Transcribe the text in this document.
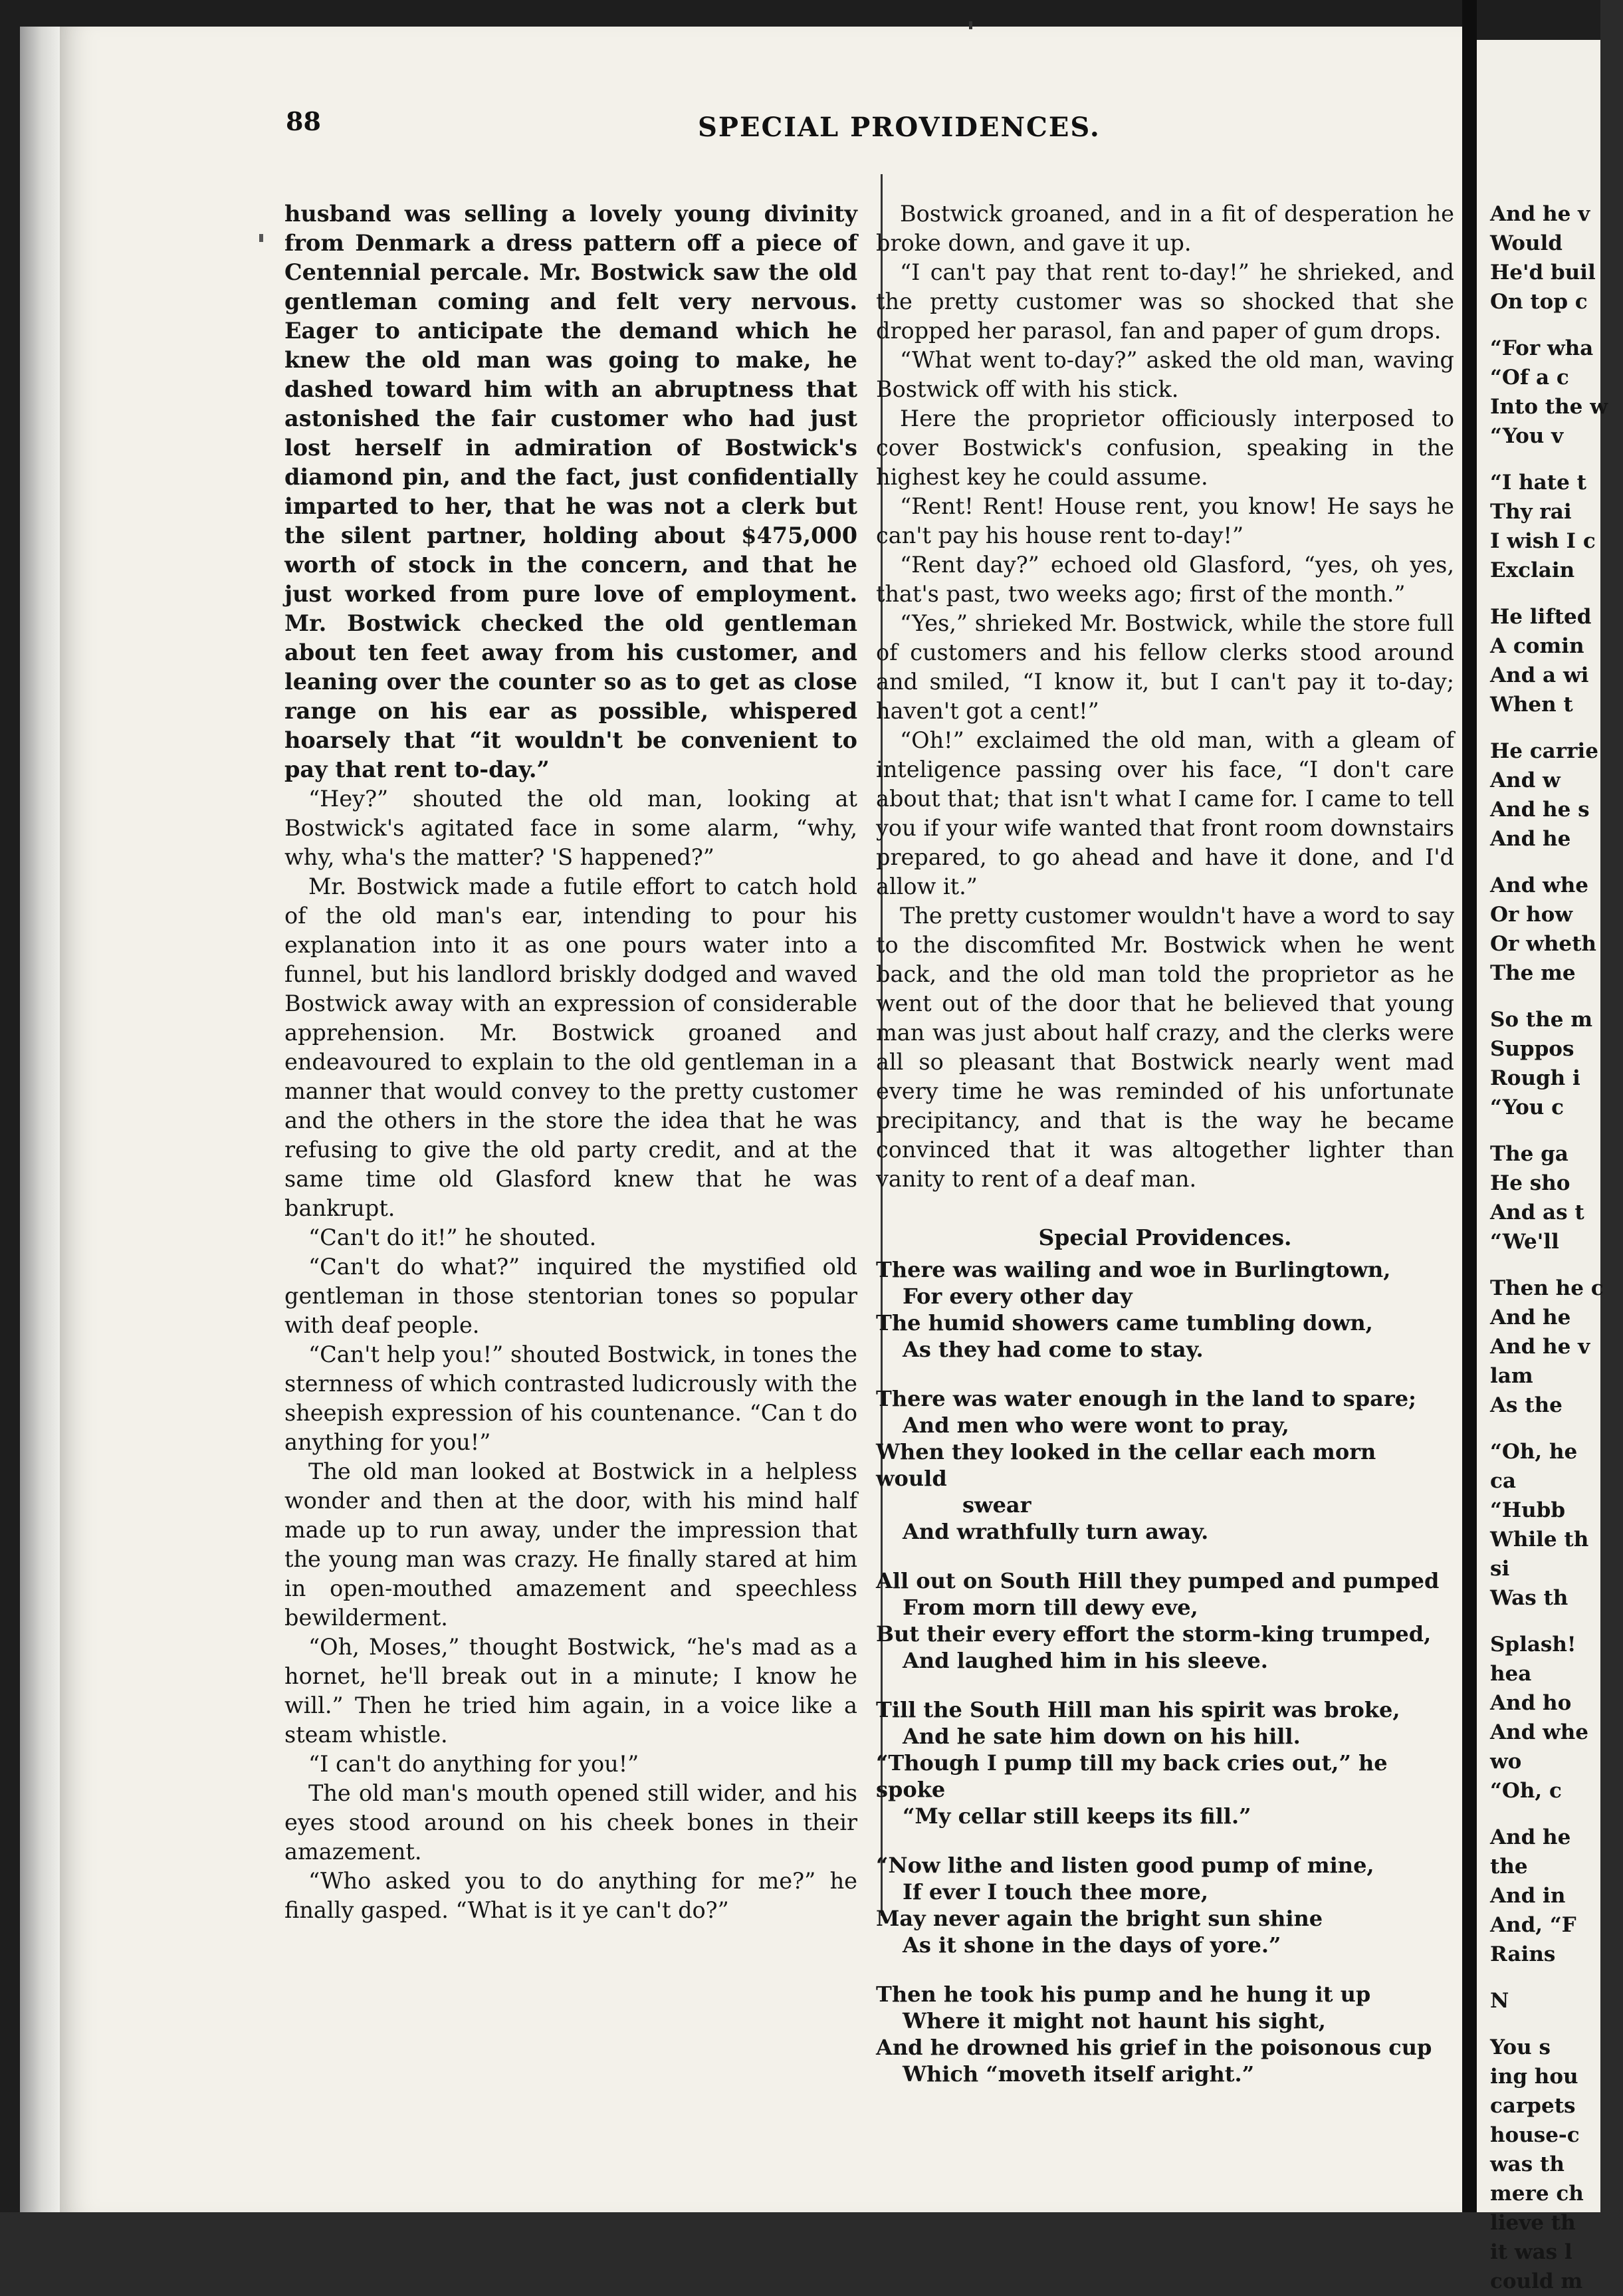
88	SPECIAL PROVIDENCES.

husband was selling a lovely young divinity from Denmark a dress pattern off a piece of Centennial percale. Mr. Bostwick saw the old gentleman coming and felt very nervous. Eager to anticipate the demand which he knew the old man was going to make, he dashed toward him with an abruptness that astonished the fair customer who had just lost herself in admiration of Bostwick's diamond pin, and the fact, just confidentially imparted to her, that he was not a clerk but the silent partner, holding about $475,000 worth of stock in the concern, and that he just worked from pure love of employment. Mr. Bostwick checked the old gentleman about ten feet away from his customer, and leaning over the counter so as to get as close range on his ear as possible, whispered hoarsely that “it wouldn't be convenient to pay that rent to-day.”

“Hey?” shouted the old man, looking at Bostwick's agitated face in some alarm, “why, why, wha's the matter? 'S happened?”

Mr. Bostwick made a futile effort to catch hold of the old man's ear, intending to pour his explanation into it as one pours water into a funnel, but his landlord briskly dodged and waved Bostwick away with an expression of considerable apprehension. Mr. Bostwick groaned and endeavoured to explain to the old gentleman in a manner that would convey to the pretty customer and the others in the store the idea that he was refusing to give the old party credit, and at the same time old Glasford knew that he was bankrupt.

“Can't do it!” he shouted.

“Can't do what?” inquired the mystified old gentleman in those stentorian tones so popular with deaf people.

“Can't help you!” shouted Bostwick, in tones the sternness of which contrasted ludicrously with the sheepish expression of his countenance. “Can t do anything for you!”

The old man looked at Bostwick in a helpless wonder and then at the door, with his mind half made up to run away, under the impression that the young man was crazy. He finally stared at him in open-mouthed amazement and speechless bewilderment.

“Oh, Moses,” thought Bostwick, “he's mad as a hornet, he'll break out in a minute; I know he will.” Then he tried him again, in a voice like a steam whistle.

“I can't do anything for you!”

The old man's mouth opened still wider, and his eyes stood around on his cheek bones in their amazement.

“Who asked you to do anything for me?” he finally gasped. “What is it ye can't do?”

Bostwick groaned, and in a fit of desperation he broke down, and gave it up.

“I can't pay that rent to-day!” he shrieked, and the pretty customer was so shocked that she dropped her parasol, fan and paper of gum drops.

“What went to-day?” asked the old man, waving Bostwick off with his stick.

Here the proprietor officiously interposed to cover Bostwick's confusion, speaking in the highest key he could assume.

“Rent! Rent! House rent, you know! He says he can't pay his house rent to-day!”

“Rent day?” echoed old Glasford, “yes, oh yes, that's past, two weeks ago; first of the month.”

“Yes,” shrieked Mr. Bostwick, while the store full of customers and his fellow clerks stood around and smiled, “I know it, but I can't pay it to-day; haven't got a cent!”

“Oh!” exclaimed the old man, with a gleam of inteligence passing over his face, “I don't care about that; that isn't what I came for. I came to tell you if your wife wanted that front room downstairs prepared, to go ahead and have it done, and I'd allow it.”

The pretty customer wouldn't have a word to say to the discomfited Mr. Bostwick when he went back, and the old man told the proprietor as he went out of the door that he believed that young man was just about half crazy, and the clerks were all so pleasant that Bostwick nearly went mad every time he was reminded of his unfortunate precipitancy, and that is the way he became convinced that it was altogether lighter than vanity to rent of a deaf man.

Special Providences.
There was wailing and woe in Burlingtown,
For every other day
The humid showers came tumbling down,
As they had come to stay.
There was water enough in the land to spare;
And men who were wont to pray,
When they looked in the cellar each morn would
swear
And wrathfully turn away.
All out on South Hill they pumped and pumped
From morn till dewy eve,
But their every effort the storm-king trumped,
And laughed him in his sleeve.
Till the South Hill man his spirit was broke,
And he sate him down on his hill.
“Though I pump till my back cries out,” he spoke
“My cellar still keeps its fill.”
“Now lithe and listen good pump of mine,
If ever I touch thee more,
May never again the bright sun shine
As it shone in the days of yore.”
Then he took his pump and he hung it up
Where it might not haunt his sight,
And he drowned his grief in the poisonous cup
Which “moveth itself aright.”
And he v
Would
He'd buil
On top c
“For wha
“Of a c
Into the w
“You v
“I hate t
Thy rai
I wish I c
Exclain
He lifted
A comin
And a wi
When t
He carrie
And w
And he s
And he
And whe
Or how
Or wheth
The me
So the m
Suppos
Rough i
“You c
The ga
He sho
And as t
“We'll
Then he c
And he
And he v
lam
As the
“Oh, he
ca
“Hubb
While th
si
Was th
Splash!
hea
And ho
And whe
wo
“Oh, c
And he
the
And in
And, “F
Rains
N
You s
ing hou
carpets
house-c
was th
mere ch
lieve th
it was l
could m
